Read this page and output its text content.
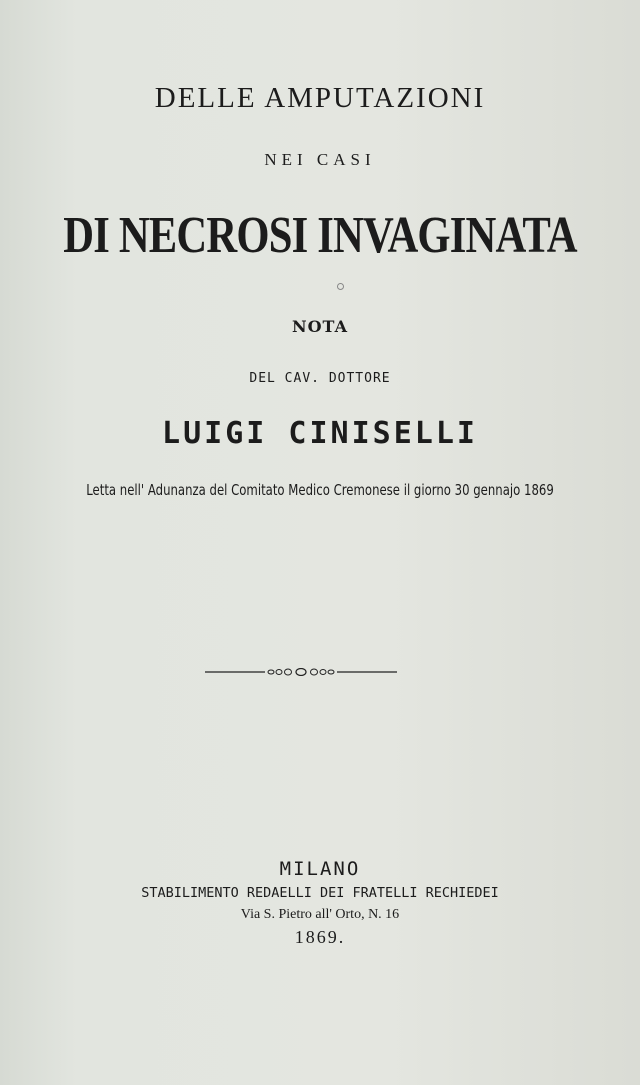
DELLE AMPUTAZIONI
NEI CASI
DI NECROSI INVAGINATA
NOTA
DEL CAV. DOTTORE
LUIGI CINISELLI
Letta nell' Adunanza del Comitato Medico Cremonese il giorno 30 gennajo 1869
MILANO
STABILIMENTO REDAELLI DEI FRATELLI RECHIEDEI
Via S. Pietro all' Orto, N. 16
1869.
